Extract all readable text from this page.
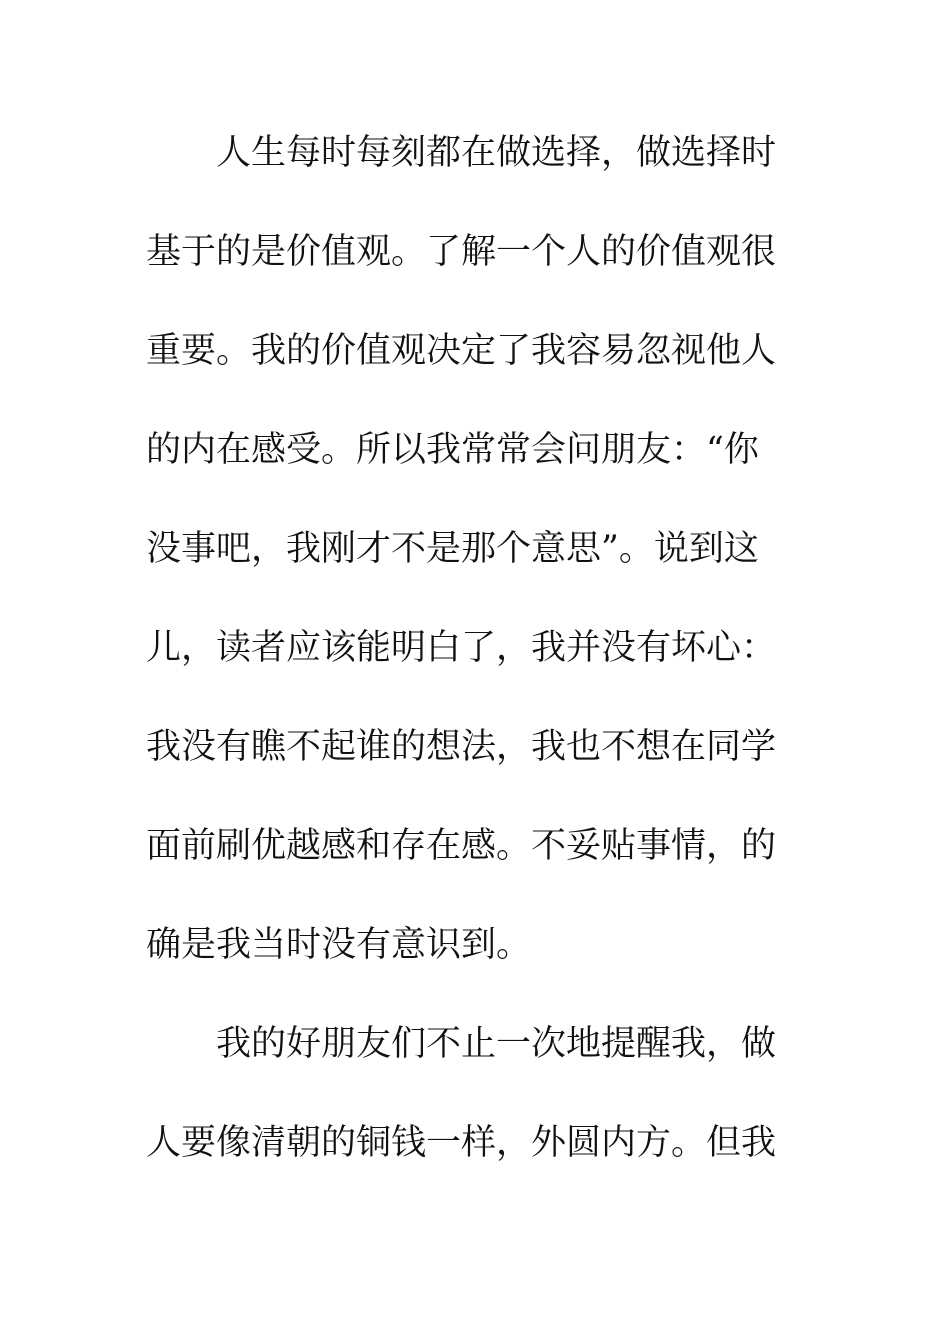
人生每时每刻都在做选择，做选择时
基于的是价值观。了解一个人的价值观很
重要。我的价值观决定了我容易忽视他人
的内在感受。所以我常常会问朋友：“你
没事吧，我刚才不是那个意思”。说到这
儿，读者应该能明白了，我并没有坏心：
我没有瞧不起谁的想法，我也不想在同学
面前刷优越感和存在感。不妥贴事情，的
确是我当时没有意识到。
我的好朋友们不止一次地提醒我，做
人要像清朝的铜钱一样，外圆内方。但我
